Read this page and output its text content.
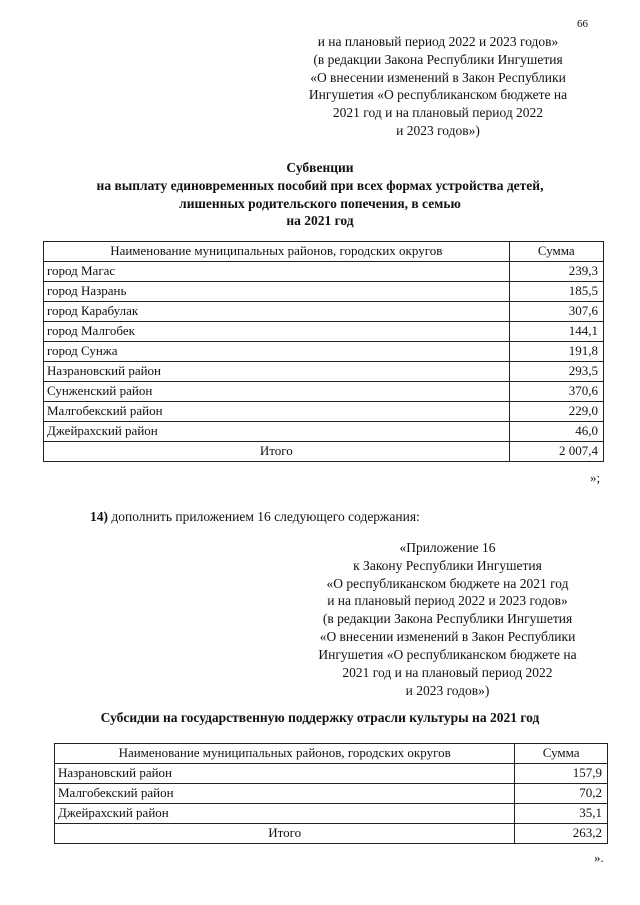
66
и на плановый период 2022 и 2023 годов»
(в редакции Закона Республики Ингушетия
«О внесении изменений в Закон Республики
Ингушетия «О республиканском бюджете на
2021 год и на плановый период 2022
и 2023 годов»)
Субвенции
на выплату единовременных пособий при всех формах устройства детей,
лишенных родительского попечения, в семью
на 2021 год
Наименование муниципальных районов, городских округов	Сумма
город Магас	239,3
город Назрань	185,5
город Карабулак	307,6
город Малгобек	144,1
город Сунжа	191,8
Назрановский район	293,5
Сунженский район	370,6
Малгобекский район	229,0
Джейрахский район	46,0
Итого	2 007,4
»;
14) дополнить приложением 16 следующего содержания:
«Приложение 16
к Закону Республики Ингушетия
«О республиканском бюджете на 2021 год
и на плановый период 2022 и 2023 годов»
(в редакции Закона Республики Ингушетия
«О внесении изменений в Закон Республики
Ингушетия «О республиканском бюджете на
2021 год и на плановый период 2022
и 2023 годов»)
Субсидии на государственную поддержку отрасли культуры на 2021 год
Наименование муниципальных районов, городских округов	Сумма
Назрановский район	157,9
Малгобекский район	70,2
Джейрахский район	35,1
Итого	263,2
».
